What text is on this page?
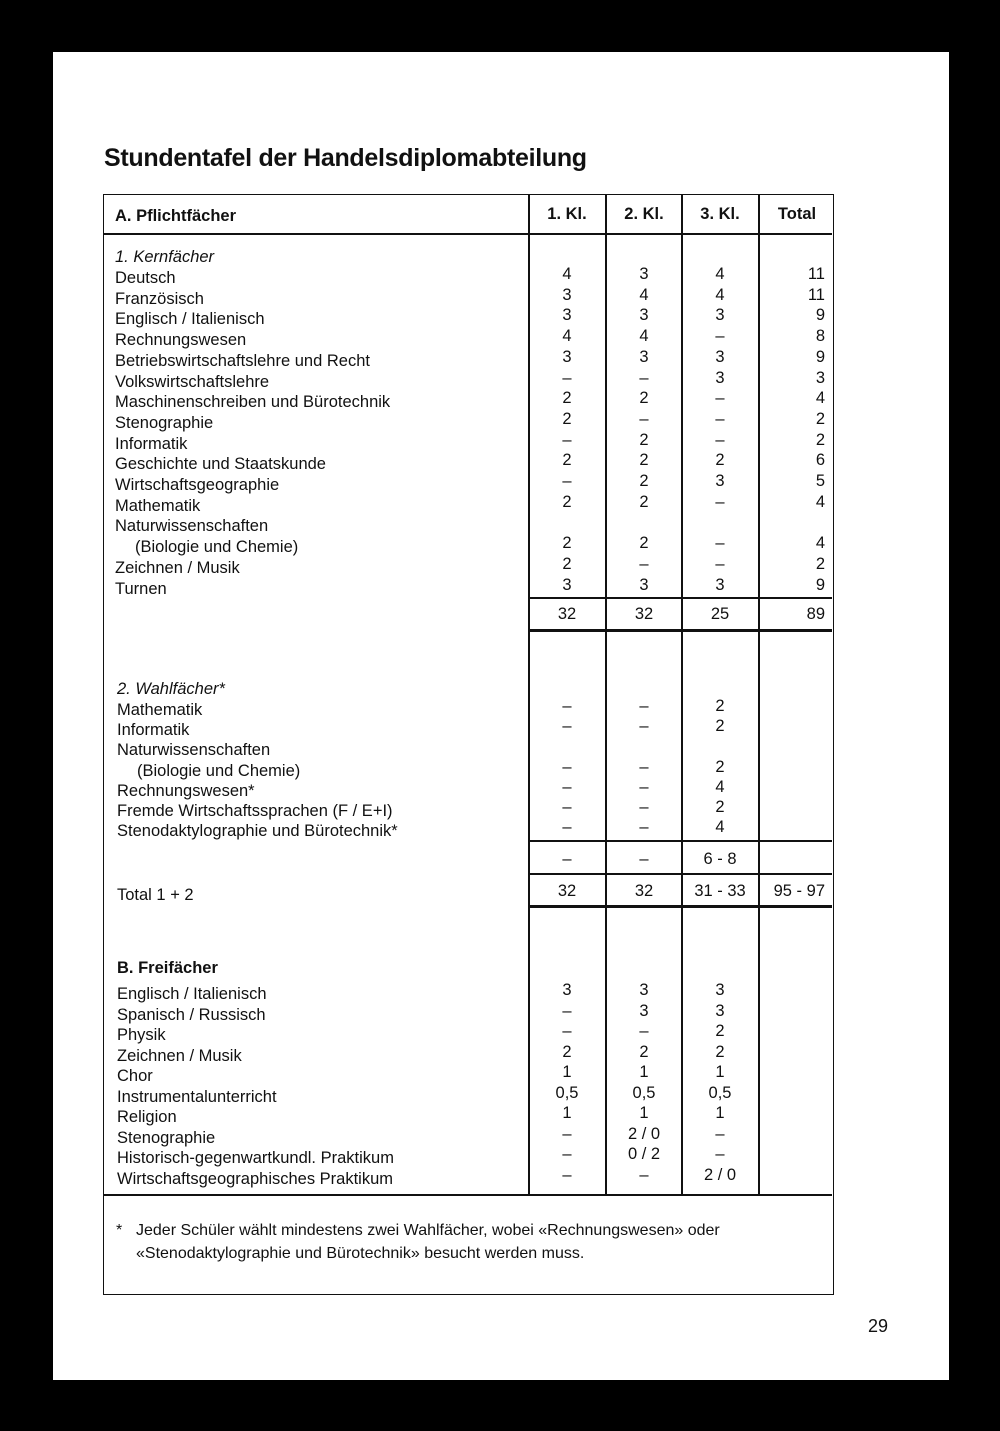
Stundentafel der Handelsdiplomabteilung
A. Pflichtfächer	1. Kl.	2. Kl.	3. Kl.	Total
1. Kernfächer
Deutsch	4	3	4	11
Französisch	3	4	4	11
Englisch / Italienisch	3	3	3	9
Rechnungswesen	4	4	–	8
Betriebswirtschaftslehre und Recht	3	3	3	9
Volkswirtschaftslehre	–	–	3	3
Maschinenschreiben und Bürotechnik	2	2	–	4
Stenographie	2	–	–	2
Informatik	–	2	–	2
Geschichte und Staatskunde	2	2	2	6
Wirtschaftsgeographie	–	2	3	5
Mathematik	2	2	–	4
Naturwissenschaften
(Biologie und Chemie)	2	2	–	4
Zeichnen / Musik	2	–	–	2
Turnen	3	3	3	9
32	32	25	89
2. Wahlfächer*
Mathematik	–	–	2
Informatik	–	–	2
Naturwissenschaften
(Biologie und Chemie)	–	–	2
Rechnungswesen*	–	–	4
Fremde Wirtschaftssprachen (F / E+I)	–	–	2
Stenodaktylographie und Bürotechnik*	–	–	4
–	–	6 - 8
Total 1 + 2	32	32	31 - 33	95 - 97
B. Freifächer
Englisch / Italienisch	3	3	3
Spanisch / Russisch	–	3	3
Physik	–	–	2
Zeichnen / Musik	2	2	2
Chor	1	1	1
Instrumentalunterricht	0,5	0,5	0,5
Religion	1	1	1
Stenographie	–	2 / 0	–
Historisch-gegenwartkundl. Praktikum	–	0 / 2	–
Wirtschaftsgeographisches Praktikum	–	–	2 / 0
* Jeder Schüler wählt mindestens zwei Wahlfächer, wobei «Rechnungswesen» oder «Stenodaktylographie und Bürotechnik» besucht werden muss.
29
